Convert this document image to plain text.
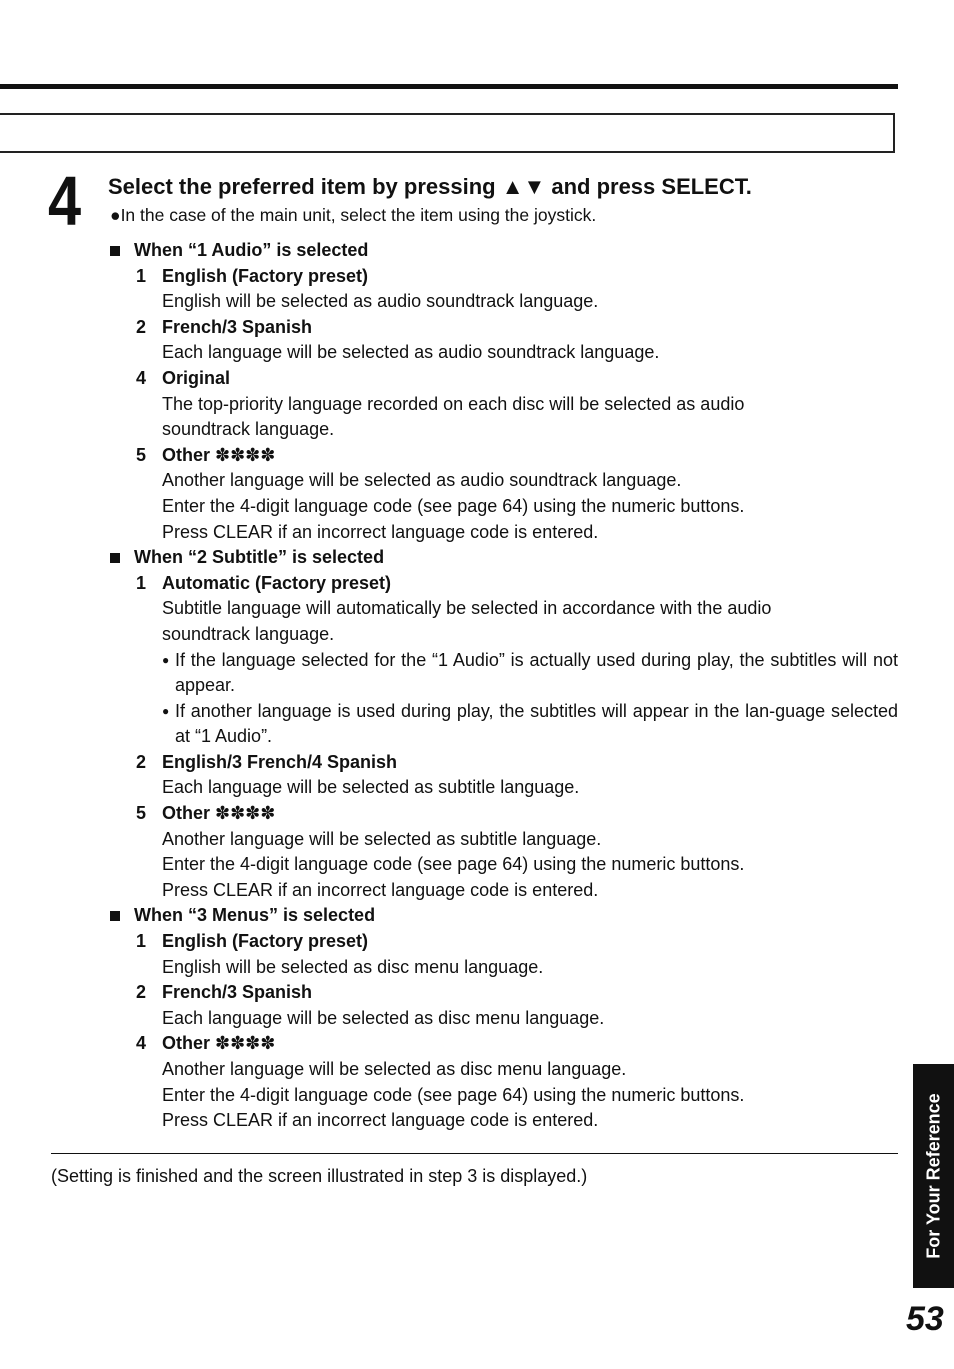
4 Select the preferred item by pressing ▲▼ and press SELECT.
●In the case of the main unit, select the item using the joystick.
When “1 Audio” is selected
1 English (Factory preset)
English will be selected as audio soundtrack language.
2 French/3 Spanish
Each language will be selected as audio soundtrack language.
4 Original
The top-priority language recorded on each disc will be selected as audio
soundtrack language.
5 Other ✽✽✽✽
Another language will be selected as audio soundtrack language.
Enter the 4-digit language code (see page 64) using the numeric buttons.
Press CLEAR if an incorrect language code is entered.
When “2 Subtitle” is selected
1 Automatic (Factory preset)
Subtitle language will automatically be selected in accordance with the audio
soundtrack language.
● If the language selected for the “1 Audio” is actually used during play, the subtitles will not appear.
● If another language is used during play, the subtitles will appear in the lan-guage selected at “1 Audio”.
2 English/3 French/4 Spanish
Each language will be selected as subtitle language.
5 Other ✽✽✽✽
Another language will be selected as subtitle language.
Enter the 4-digit language code (see page 64) using the numeric buttons.
Press CLEAR if an incorrect language code is entered.
When “3 Menus” is selected
1 English (Factory preset)
English will be selected as disc menu language.
2 French/3 Spanish
Each language will be selected as disc menu language.
4 Other ✽✽✽✽
Another language will be selected as disc menu language.
Enter the 4-digit language code (see page 64) using the numeric buttons.
Press CLEAR if an incorrect language code is entered.
(Setting is finished and the screen illustrated in step 3 is displayed.)	For Your Reference
53
